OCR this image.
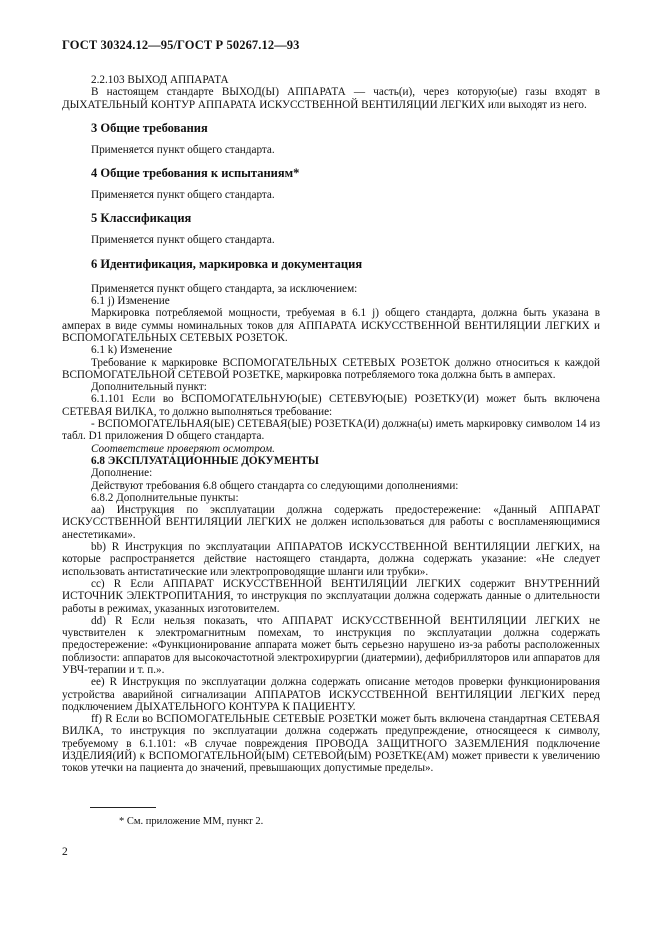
ГОСТ 30324.12—95/ГОСТ Р 50267.12—93

2.2.103 ВЫХОД АППАРАТА

В настоящем стандарте ВЫХОД(Ы) АППАРАТА — часть(и), через которую(ые) газы входят в ДЫХАТЕЛЬНЫЙ КОНТУР АППАРАТА ИСКУССТВЕННОЙ ВЕНТИЛЯЦИИ ЛЕГКИХ или выходят из него.

3 Общие требования

Применяется пункт общего стандарта.

4 Общие требования к испытаниям*

Применяется пункт общего стандарта.

5 Классификация

Применяется пункт общего стандарта.

6 Идентификация, маркировка и документация

Применяется пункт общего стандарта, за исключением:

6.1 j) Изменение

Маркировка потребляемой мощности, требуемая в 6.1 j) общего стандарта, должна быть указана в амперах в виде суммы номинальных токов для АППАРАТА ИСКУССТВЕННОЙ ВЕНТИЛЯЦИИ ЛЕГКИХ и ВСПОМОГАТЕЛЬНЫХ СЕТЕВЫХ РОЗЕТОК.

6.1 k) Изменение

Требование к маркировке ВСПОМОГАТЕЛЬНЫХ СЕТЕВЫХ РОЗЕТОК должно относиться к каждой ВСПОМОГАТЕЛЬНОЙ СЕТЕВОЙ РОЗЕТКЕ, маркировка потребляемого тока должна быть в амперах.

Дополнительный пункт:

6.1.101 Если во ВСПОМОГАТЕЛЬНУЮ(ЫЕ) СЕТЕВУЮ(ЫЕ) РОЗЕТКУ(И) может быть включена СЕТЕВАЯ ВИЛКА, то должно выполняться требование:

- ВСПОМОГАТЕЛЬНАЯ(ЫЕ) СЕТЕВАЯ(ЫЕ) РОЗЕТКА(И) должна(ы) иметь маркировку символом 14 из табл. D1 приложения D общего стандарта.

Соответствие проверяют осмотром.

6.8 ЭКСПЛУАТАЦИОННЫЕ ДОКУМЕНТЫ

Дополнение:

Действуют требования 6.8 общего стандарта со следующими дополнениями:

6.8.2 Дополнительные пункты:

аа) Инструкция по эксплуатации должна содержать предостережение: «Данный АППАРАТ ИСКУССТВЕННОЙ ВЕНТИЛЯЦИИ ЛЕГКИХ не должен использоваться для работы с воспламеняющимися анестетиками».

bb) R Инструкция по эксплуатации АППАРАТОВ ИСКУССТВЕННОЙ ВЕНТИЛЯЦИИ ЛЕГКИХ, на которые распространяется действие настоящего стандарта, должна содержать указание: «Не следует использовать антистатические или электропроводящие шланги или трубки».

cc) R Если АППАРАТ ИСКУССТВЕННОЙ ВЕНТИЛЯЦИИ ЛЕГКИХ содержит ВНУТРЕННИЙ ИСТОЧНИК ЭЛЕКТРОПИТАНИЯ, то инструкция по эксплуатации должна содержать данные о длительности работы в режимах, указанных изготовителем.

dd) R Если нельзя показать, что АППАРАТ ИСКУССТВЕННОЙ ВЕНТИЛЯЦИИ ЛЕГКИХ не чувствителен к электромагнитным помехам, то инструкция по эксплуатации должна содержать предостережение: «Функционирование аппарата может быть серьезно нарушено из-за работы расположенных поблизости: аппаратов для высокочастотной электрохирургии (диатермии), дефибрилляторов или аппаратов для УВЧ-терапии и т. п.».

ee) R Инструкция по эксплуатации должна содержать описание методов проверки функционирования устройства аварийной сигнализации АППАРАТОВ ИСКУССТВЕННОЙ ВЕНТИЛЯЦИИ ЛЕГКИХ перед подключением ДЫХАТЕЛЬНОГО КОНТУРА К ПАЦИЕНТУ.

ff) R Если во ВСПОМОГАТЕЛЬНЫЕ СЕТЕВЫЕ РОЗЕТКИ может быть включена стандартная СЕТЕВАЯ ВИЛКА, то инструкция по эксплуатации должна содержать предупреждение, относящееся к символу, требуемому в 6.1.101: «В случае повреждения ПРОВОДА ЗАЩИТНОГО ЗАЗЕМЛЕНИЯ подключение ИЗДЕЛИЯ(ИЙ) к ВСПОМОГАТЕЛЬНОЙ(ЫМ) СЕТЕВОЙ(ЫМ) РОЗЕТКЕ(АМ) может привести к увеличению токов утечки на пациента до значений, превышающих допустимые пределы».

* См. приложение ММ, пункт 2.
2
